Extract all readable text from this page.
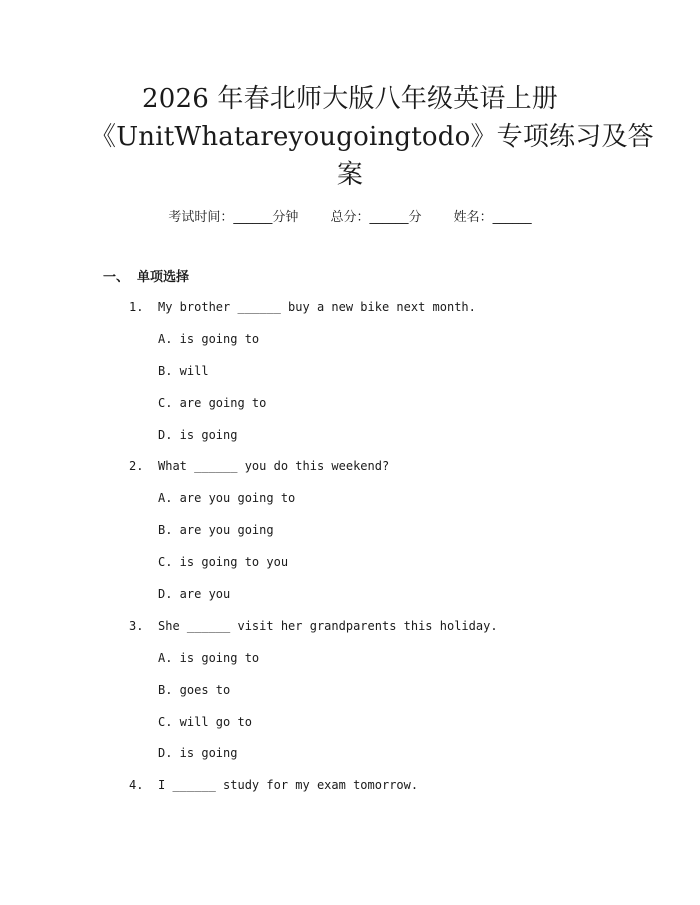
2026 年春北师大版八年级英语上册
《UnitWhatareyougoingtodo》专项练习及答
案
考试时间：______分钟 总分：______分 姓名：______
一、 单项选择
1. My brother ______ buy a new bike next month.
A. is going to
B. will
C. are going to
D. is going
2. What ______ you do this weekend?
A. are you going to
B. are you going
C. is going to you
D. are you
3. She ______ visit her grandparents this holiday.
A. is going to
B. goes to
C. will go to
D. is going
4. I ______ study for my exam tomorrow.
